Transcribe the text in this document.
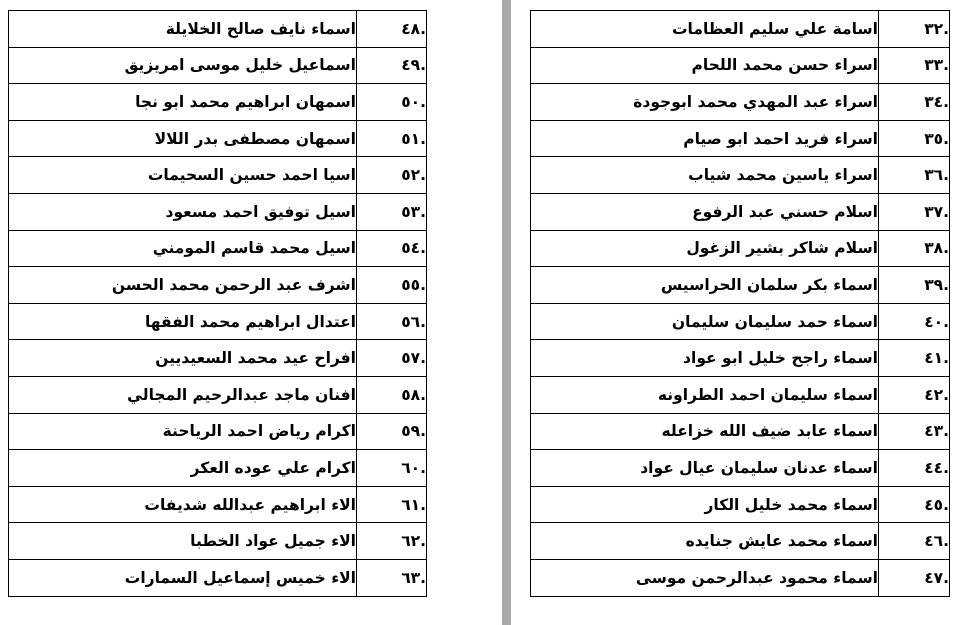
اسماء نايف صالح الخلايلة	.٤٨
اسماعيل خليل موسى امريزيق	.٤٩
اسمهان ابراهيم محمد ابو نجا	.٥٠
اسمهان مصطفى بدر اللالا	.٥١
اسيا احمد حسين السحيمات	.٥٢
اسيل توفيق احمد مسعود	.٥٣
اسيل محمد قاسم المومني	.٥٤
اشرف عبد الرحمن محمد الحسن	.٥٥
اعتدال ابراهيم محمد الفقها	.٥٦
افراح عيد محمد السعيديين	.٥٧
افنان ماجد عبدالرحيم المجالي	.٥٨
اكرام رياض احمد الرياحنة	.٥٩
اكرام علي عوده العكر	.٦٠
الاء ابراهيم عبدالله شديفات	.٦١
الاء جميل عواد الخطبا	.٦٢
الاء خميس إسماعيل السمارات	.٦٣
اسامة علي سليم العظامات	.٣٢
اسراء حسن محمد اللحام	.٣٣
اسراء عبد المهدي محمد ابوجودة	.٣٤
اسراء فريد احمد ابو صيام	.٣٥
اسراء ياسين محمد شياب	.٣٦
اسلام حسني عبد الرفوع	.٣٧
اسلام شاكر بشير الزغول	.٣٨
اسماء بكر سلمان الحراسيس	.٣٩
اسماء حمد سليمان سليمان	.٤٠
اسماء راجح خليل ابو عواد	.٤١
اسماء سليمان احمد الطراونه	.٤٢
اسماء عابد ضيف الله خزاعله	.٤٣
اسماء عدنان سليمان عيال عواد	.٤٤
اسماء محمد خليل الكار	.٤٥
اسماء محمد عايش جنايده	.٤٦
اسماء محمود عبدالرحمن موسى	.٤٧
